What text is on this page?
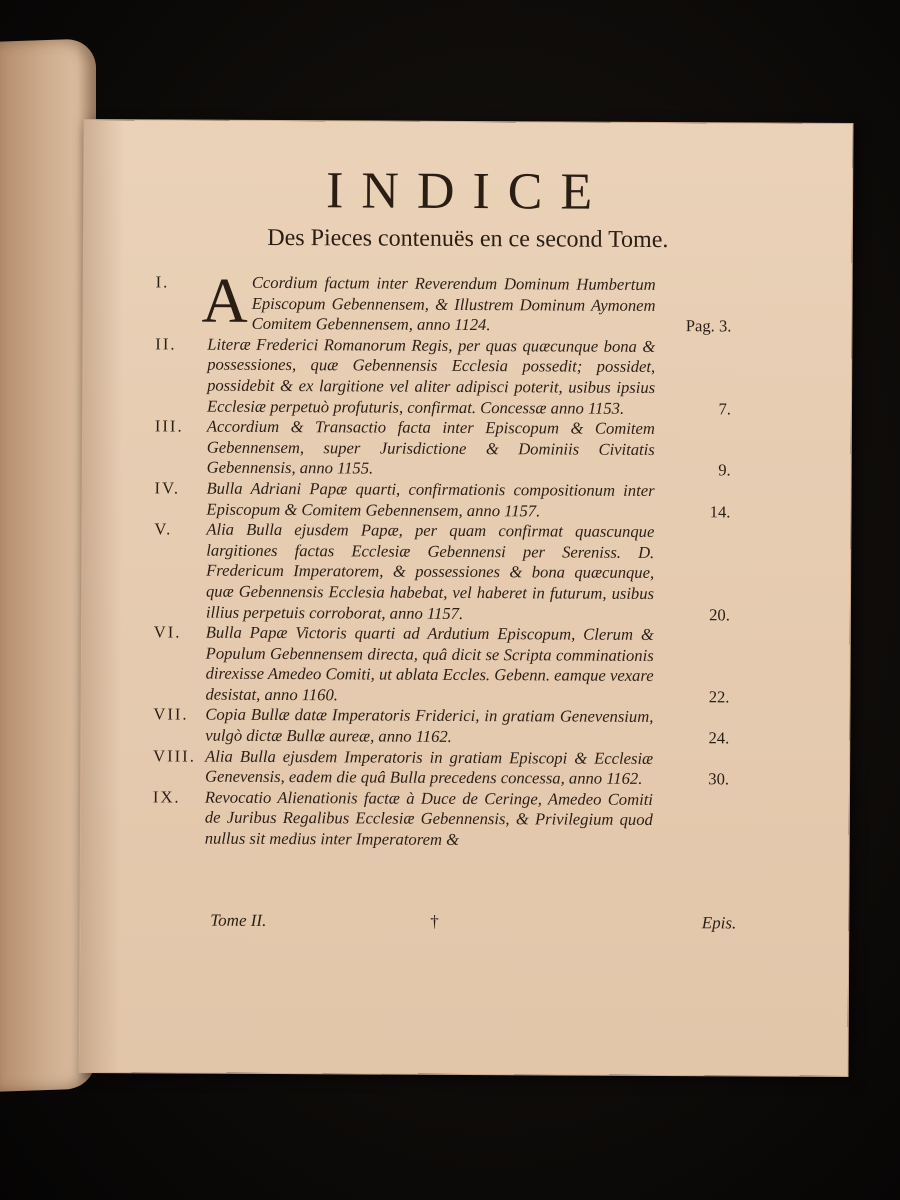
INDICE
Des Pieces contenuës en ce second Tome.
I. A Ccordium factum inter Reverendum Dominum Humbertum Episcopum Gebennensem, & Illustrem Dominum Aymonem Comitem Gebennensem, anno 1124.	Pag. 3.
II.	Literæ Frederici Romanorum Regis, per quas quæcunque bona & possessiones, quæ Gebennensis Ecclesia possedit; possidet, possidebit & ex largitione vel aliter adipisci poterit, usibus ipsius Ecclesiæ perpetuò profuturis, confirmat. Concessæ anno 1153.	7.
III.	Accordium & Transactio facta inter Episcopum & Comitem Gebennensem, super Jurisdictione & Dominiis Civitatis Gebennensis, anno 1155.	9.
IV.	Bulla Adriani Papæ quarti, confirmationis compositionum inter Episcopum & Comitem Gebennensem, anno 1157.	14.
V.	Alia Bulla ejusdem Papæ, per quam confirmat quascunque largitiones factas Ecclesiæ Gebennensi per Sereniss. D. Fredericum Imperatorem, & possessiones & bona quæcunque, quæ Gebennensis Ecclesia habebat, vel haberet in futurum, usibus illius perpetuis corroborat, anno 1157.	20.
VI.	Bulla Papæ Victoris quarti ad Ardutium Episcopum, Clerum & Populum Gebennensem directa, quâ dicit se Scripta comminationis direxisse Amedeo Comiti, ut ablata Eccles. Gebenn. eamque vexare desistat, anno 1160.	22.
VII.	Copia Bullæ datæ Imperatoris Friderici, in gratiam Genevensium, vulgò dictæ Bullæ aureæ, anno 1162.	24.
VIII. Alia Bulla ejusdem Imperatoris in gratiam Episcopi & Ecclesiæ Genevensis, eadem die quâ Bulla precedens concessa, anno 1162.	30.
IX.	Revocatio Alienationis factæ à Duce de Ceringe, Amedeo Comiti de Juribus Regalibus Ecclesiæ Gebennensis, & Privilegium quod nullus sit medius inter Imperatorem &
Tome II.	†	Epis.
